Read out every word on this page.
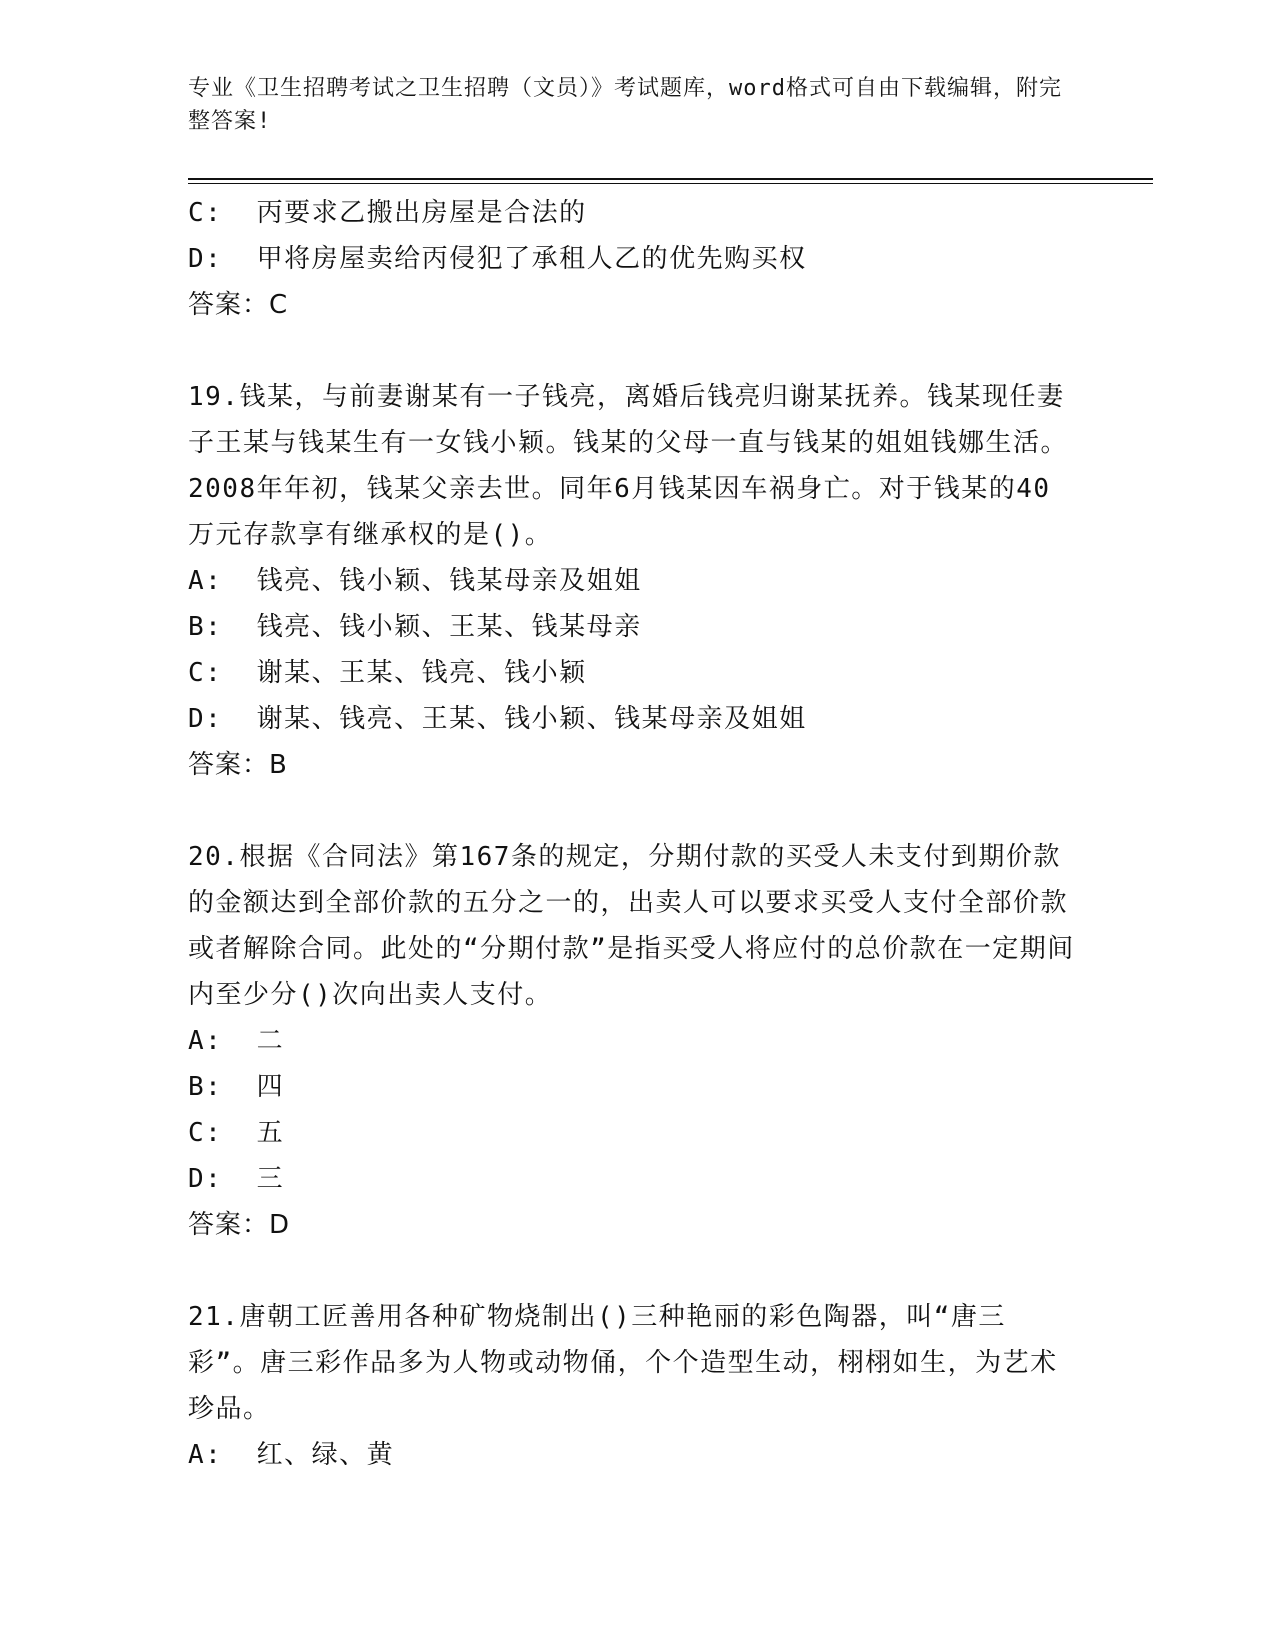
专业《卫生招聘考试之卫生招聘（文员）》考试题库，word格式可自由下载编辑，附完整答案!
C:  丙要求乙搬出房屋是合法的
D:  甲将房屋卖给丙侵犯了承租人乙的优先购买权
答案：C
19.钱某，与前妻谢某有一子钱亮，离婚后钱亮归谢某抚养。钱某现任妻子王某与钱某生有一女钱小颖。钱某的父母一直与钱某的姐姐钱娜生活。2008年年初，钱某父亲去世。同年6月钱某因车祸身亡。对于钱某的40万元存款享有继承权的是()。
A:  钱亮、钱小颖、钱某母亲及姐姐
B:  钱亮、钱小颖、王某、钱某母亲
C:  谢某、王某、钱亮、钱小颖
D:  谢某、钱亮、王某、钱小颖、钱某母亲及姐姐
答案：B
20.根据《合同法》第167条的规定，分期付款的买受人未支付到期价款的金额达到全部价款的五分之一的，出卖人可以要求买受人支付全部价款或者解除合同。此处的“分期付款”是指买受人将应付的总价款在一定期间内至少分()次向出卖人支付。
A:  二
B:  四
C:  五
D:  三
答案：D
21.唐朝工匠善用各种矿物烧制出()三种艳丽的彩色陶器，叫“唐三彩”。唐三彩作品多为人物或动物俑，个个造型生动，栩栩如生，为艺术珍品。
A:  红、绿、黄
